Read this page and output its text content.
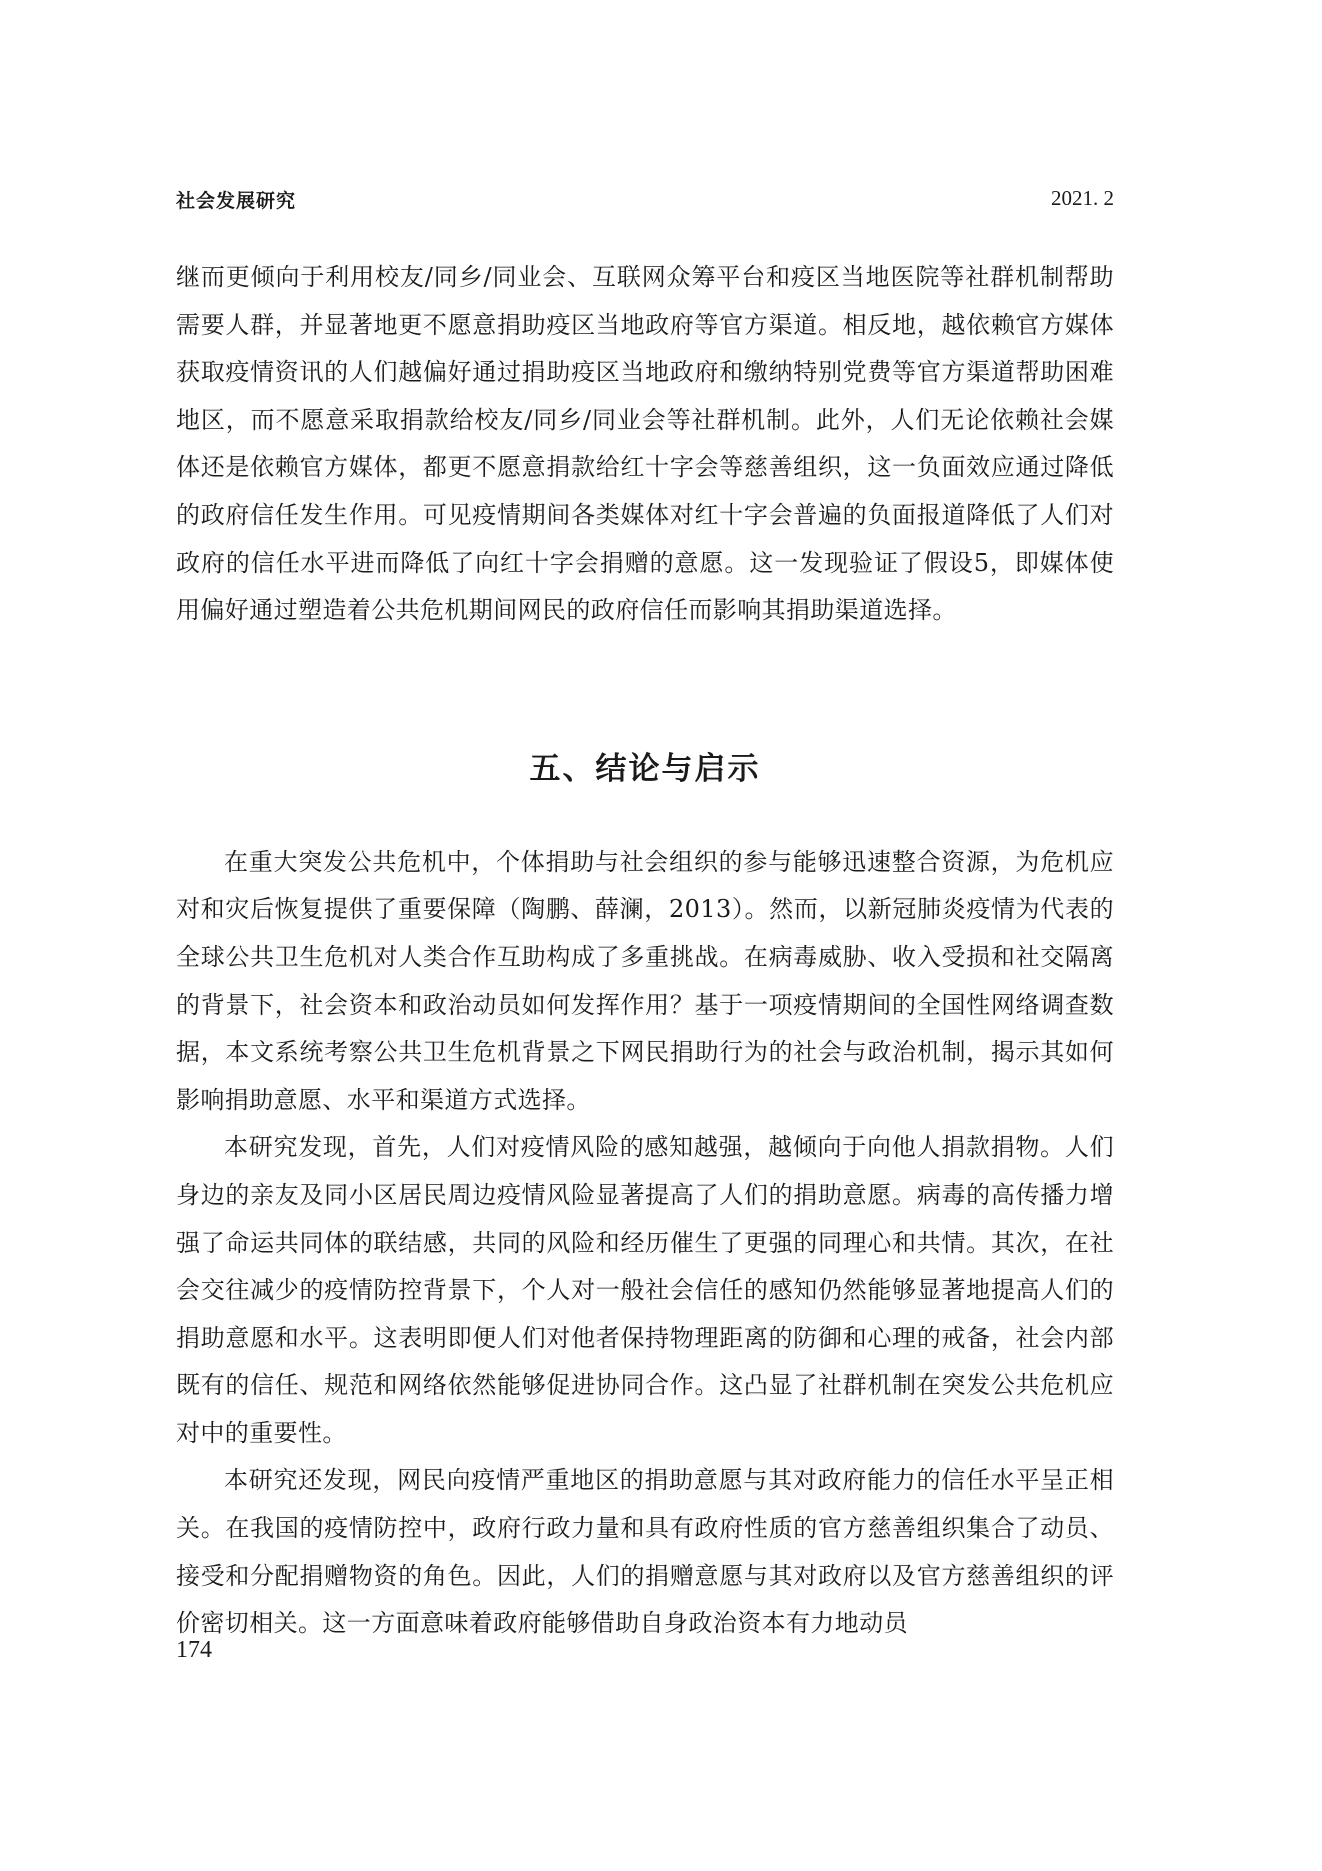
社会发展研究	2021. 2

继而更倾向于利用校友/同乡/同业会、互联网众筹平台和疫区当地医院等社群机制帮助需要人群，并显著地更不愿意捐助疫区当地政府等官方渠道。相反地，越依赖官方媒体获取疫情资讯的人们越偏好通过捐助疫区当地政府和缴纳特别党费等官方渠道帮助困难地区，而不愿意采取捐款给校友/同乡/同业会等社群机制。此外，人们无论依赖社会媒体还是依赖官方媒体，都更不愿意捐款给红十字会等慈善组织，这一负面效应通过降低的政府信任发生作用。可见疫情期间各类媒体对红十字会普遍的负面报道降低了人们对政府的信任水平进而降低了向红十字会捐赠的意愿。这一发现验证了假设5，即媒体使用偏好通过塑造着公共危机期间网民的政府信任而影响其捐助渠道选择。

五、结论与启示

在重大突发公共危机中，个体捐助与社会组织的参与能够迅速整合资源，为危机应对和灾后恢复提供了重要保障（陶鹏、薛澜，2013）。然而，以新冠肺炎疫情为代表的全球公共卫生危机对人类合作互助构成了多重挑战。在病毒威胁、收入受损和社交隔离的背景下，社会资本和政治动员如何发挥作用？基于一项疫情期间的全国性网络调查数据，本文系统考察公共卫生危机背景之下网民捐助行为的社会与政治机制，揭示其如何影响捐助意愿、水平和渠道方式选择。

本研究发现，首先，人们对疫情风险的感知越强，越倾向于向他人捐款捐物。人们身边的亲友及同小区居民周边疫情风险显著提高了人们的捐助意愿。病毒的高传播力增强了命运共同体的联结感，共同的风险和经历催生了更强的同理心和共情。其次，在社会交往减少的疫情防控背景下，个人对一般社会信任的感知仍然能够显著地提高人们的捐助意愿和水平。这表明即便人们对他者保持物理距离的防御和心理的戒备，社会内部既有的信任、规范和网络依然能够促进协同合作。这凸显了社群机制在突发公共危机应对中的重要性。

本研究还发现，网民向疫情严重地区的捐助意愿与其对政府能力的信任水平呈正相关。在我国的疫情防控中，政府行政力量和具有政府性质的官方慈善组织集合了动员、接受和分配捐赠物资的角色。因此，人们的捐赠意愿与其对政府以及官方慈善组织的评价密切相关。这一方面意味着政府能够借助自身政治资本有力地动员

174
